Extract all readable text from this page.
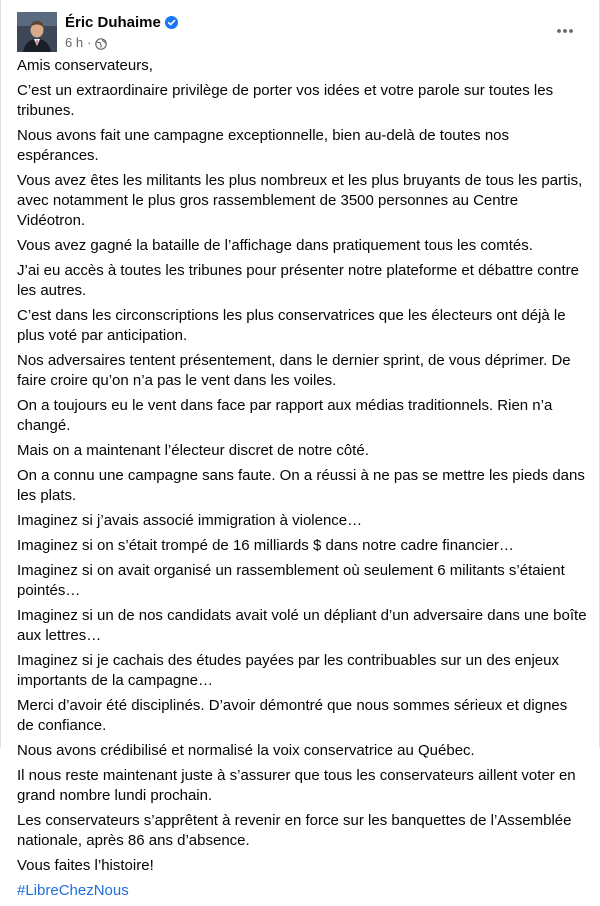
Éric Duhaime
6 h ·

Amis conservateurs,

C’est un extraordinaire privilège de porter vos idées et votre parole sur toutes les tribunes.

Nous avons fait une campagne exceptionnelle, bien au-delà de toutes nos espérances.

Vous avez êtes les militants les plus nombreux et les plus bruyants de tous les partis, avec notamment le plus gros rassemblement de 3500 personnes au Centre Vidéotron.

Vous avez gagné la bataille de l’affichage dans pratiquement tous les comtés.

J’ai eu accès à toutes les tribunes pour présenter notre plateforme et débattre contre les autres.

C’est dans les circonscriptions les plus conservatrices que les électeurs ont déjà le plus voté par anticipation.

Nos adversaires tentent présentement, dans le dernier sprint, de vous déprimer. De faire croire qu’on n’a pas le vent dans les voiles.

On a toujours eu le vent dans face par rapport aux médias traditionnels. Rien n’a changé.

Mais on a maintenant l’électeur discret de notre côté.

On a connu une campagne sans faute. On a réussi à ne pas se mettre les pieds dans les plats.

Imaginez si j’avais associé immigration à violence…

Imaginez si on s’était trompé de 16 milliards $ dans notre cadre financier…

Imaginez si on avait organisé un rassemblement où seulement 6 militants s’étaient pointés…

Imaginez si un de nos candidats avait volé un dépliant d’un adversaire dans une boîte aux lettres…

Imaginez si je cachais des études payées par les contribuables sur un des enjeux importants de la campagne…

Merci d’avoir été disciplinés. D’avoir démontré que nous sommes sérieux et dignes de confiance.

Nous avons crédibilisé et normalisé la voix conservatrice au Québec.

Il nous reste maintenant juste à s’assurer que tous les conservateurs aillent voter en grand nombre lundi prochain.

Les conservateurs s’apprêtent à revenir en force sur les banquettes de l’Assemblée nationale, après 86 ans d’absence.

Vous faites l’histoire!

#LibreChezNous
